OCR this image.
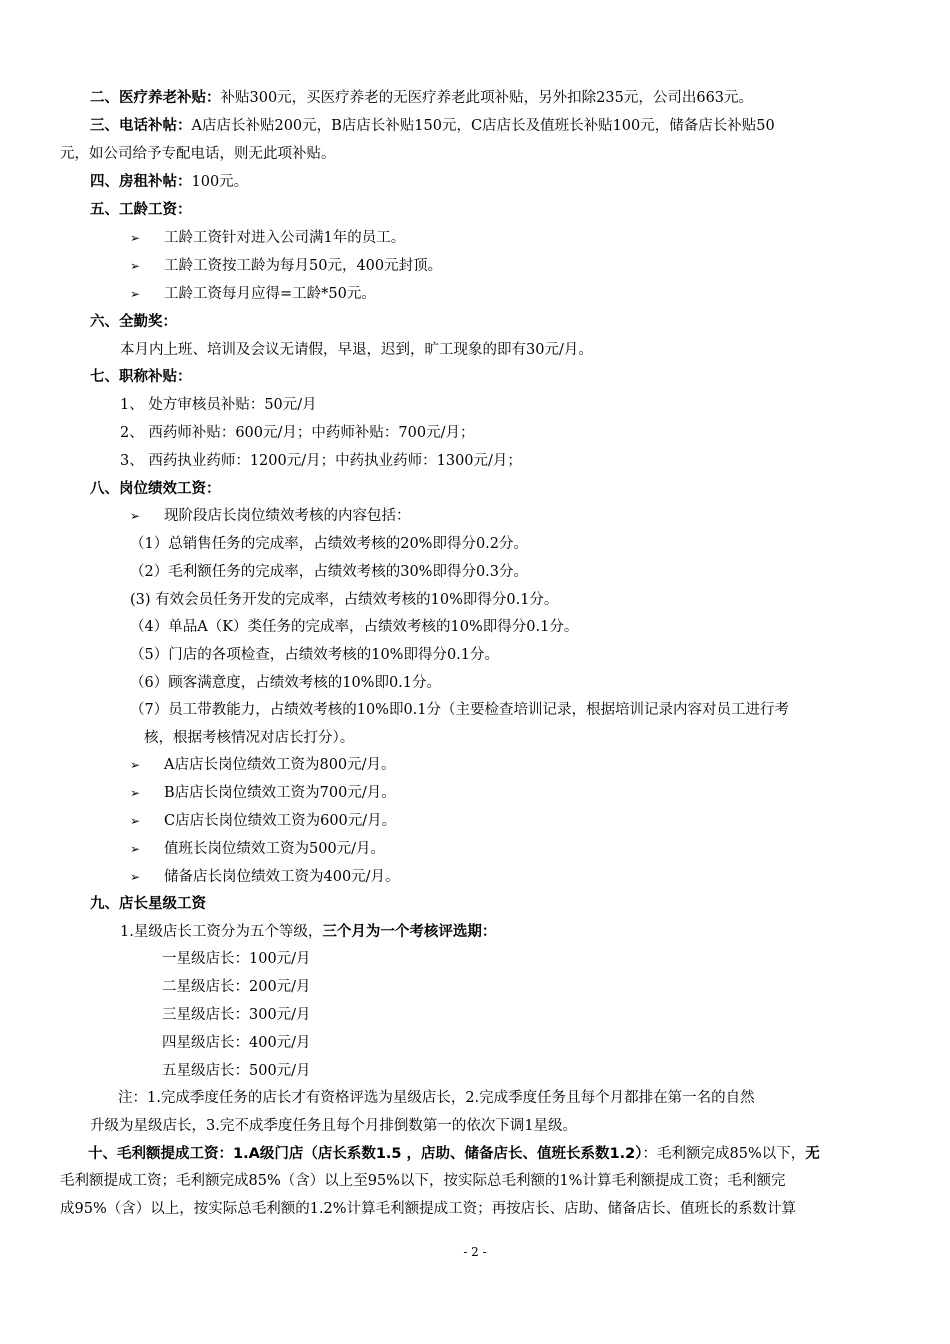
二、医疗养老补贴：补贴300元，买医疗养老的无医疗养老此项补贴，另外扣除235元，公司出663元。
三、电话补帖：A店店长补贴200元，B店店长补贴150元，C店店长及值班长补贴100元，储备店长补贴50
元，如公司给予专配电话，则无此项补贴。
四、房租补帖：100元。
五、工龄工资：
➢ 工龄工资针对进入公司满1年的员工。
➢ 工龄工资按工龄为每月50元，400元封顶。
➢ 工龄工资每月应得=工龄*50元。
六、全勤奖：
本月内上班、培训及会议无请假，早退，迟到，旷工现象的即有30元/月。
七、职称补贴：
1、 处方审核员补贴：50元/月
2、 西药师补贴：600元/月；中药师补贴：700元/月；
3、 西药执业药师：1200元/月；中药执业药师：1300元/月；
八、岗位绩效工资：
➢ 现阶段店长岗位绩效考核的内容包括：
（1）总销售任务的完成率，占绩效考核的20%即得分0.2分。
（2）毛利额任务的完成率，占绩效考核的30%即得分0.3分。
(3) 有效会员任务开发的完成率，占绩效考核的10%即得分0.1分。
（4）单品A（K）类任务的完成率，占绩效考核的10%即得分0.1分。
（5）门店的各项检查，占绩效考核的10%即得分0.1分。
（6）顾客满意度，占绩效考核的10%即0.1分。
（7）员工带教能力，占绩效考核的10%即0.1分（主要检查培训记录，根据培训记录内容对员工进行考
核，根据考核情况对店长打分）。
➢ A店店长岗位绩效工资为800元/月。
➢ B店店长岗位绩效工资为700元/月。
➢ C店店长岗位绩效工资为600元/月。
➢ 值班长岗位绩效工资为500元/月。
➢ 储备店长岗位绩效工资为400元/月。
九、店长星级工资
1.星级店长工资分为五个等级，三个月为一个考核评选期：
一星级店长：100元/月
二星级店长：200元/月
三星级店长：300元/月
四星级店长：400元/月
五星级店长：500元/月
注：1.完成季度任务的店长才有资格评选为星级店长，2.完成季度任务且每个月都排在第一名的自然
升级为星级店长，3.完不成季度任务且每个月排倒数第一的依次下调1星级。
十、毛利额提成工资：1.A级门店（店长系数1.5 ，店助、储备店长、值班长系数1.2）：毛利额完成85%以下，无
毛利额提成工资；毛利额完成85%（含）以上至95%以下，按实际总毛利额的1%计算毛利额提成工资；毛利额完
成95%（含）以上，按实际总毛利额的1.2%计算毛利额提成工资；再按店长、店助、储备店长、值班长的系数计算
- 2 -
